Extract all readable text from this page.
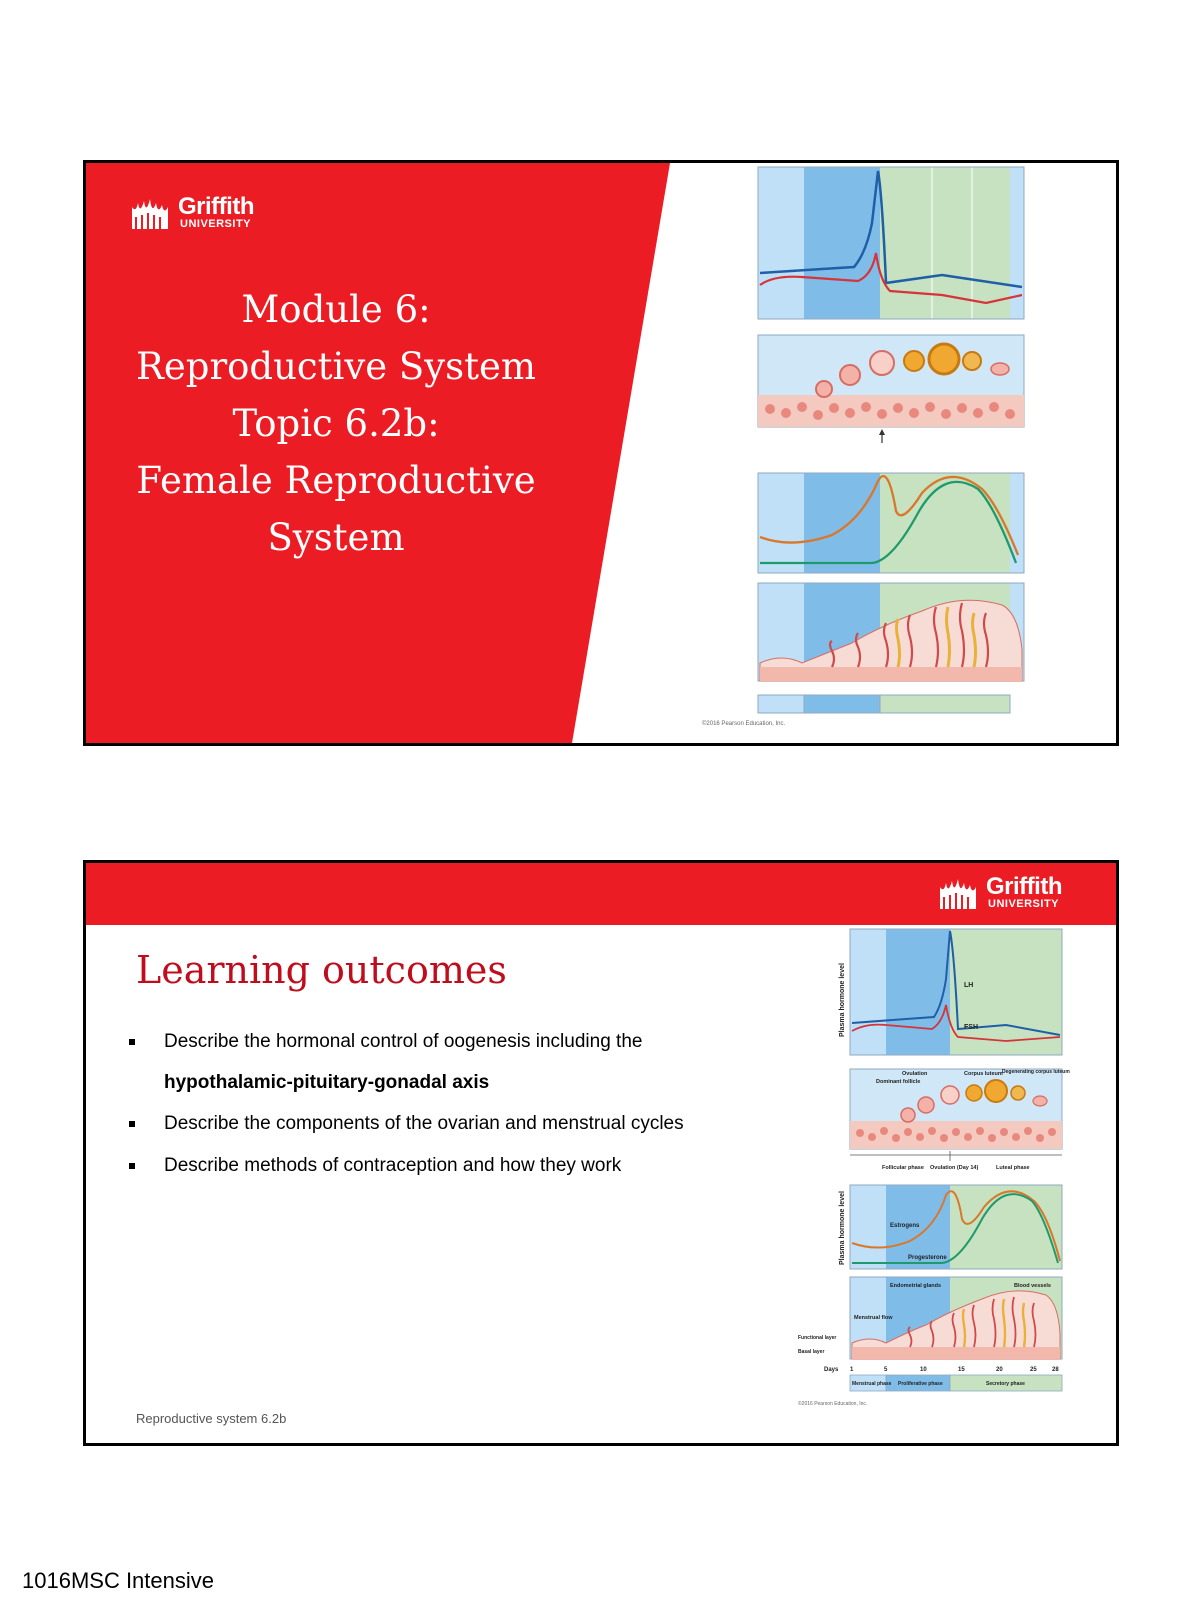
Griffith
UNIVERSITY
Module 6:
Reproductive System
Topic 6.2b:
Female Reproductive
System
©2016 Pearson Education, Inc.
Griffith
UNIVERSITY
Learning outcomes
Describe the hormonal control of oogenesis including the
hypothalamic-pituitary-gonadal axis
Describe the components of the ovarian and menstrual cycles
Describe methods of contraception and how they work
Reproductive system 6.2b
Plasma hormone level	LH
FSH
Dominant follicle
Ovulation	Corpus luteum Degenerating corpus luteum
Follicular phase Ovulation (Day 14)	Luteal phase
Plasma hormone level	Estrogens
Progesterone
Endometrial glands	Blood vessels
Menstrual flow
Functional layer
Basal layer
Days 1	5	10	15	20	25	28
Menstrual phase Proliferative phase	Secretory phase
©2016 Pearson Education, Inc.
1016MSC Intensive
